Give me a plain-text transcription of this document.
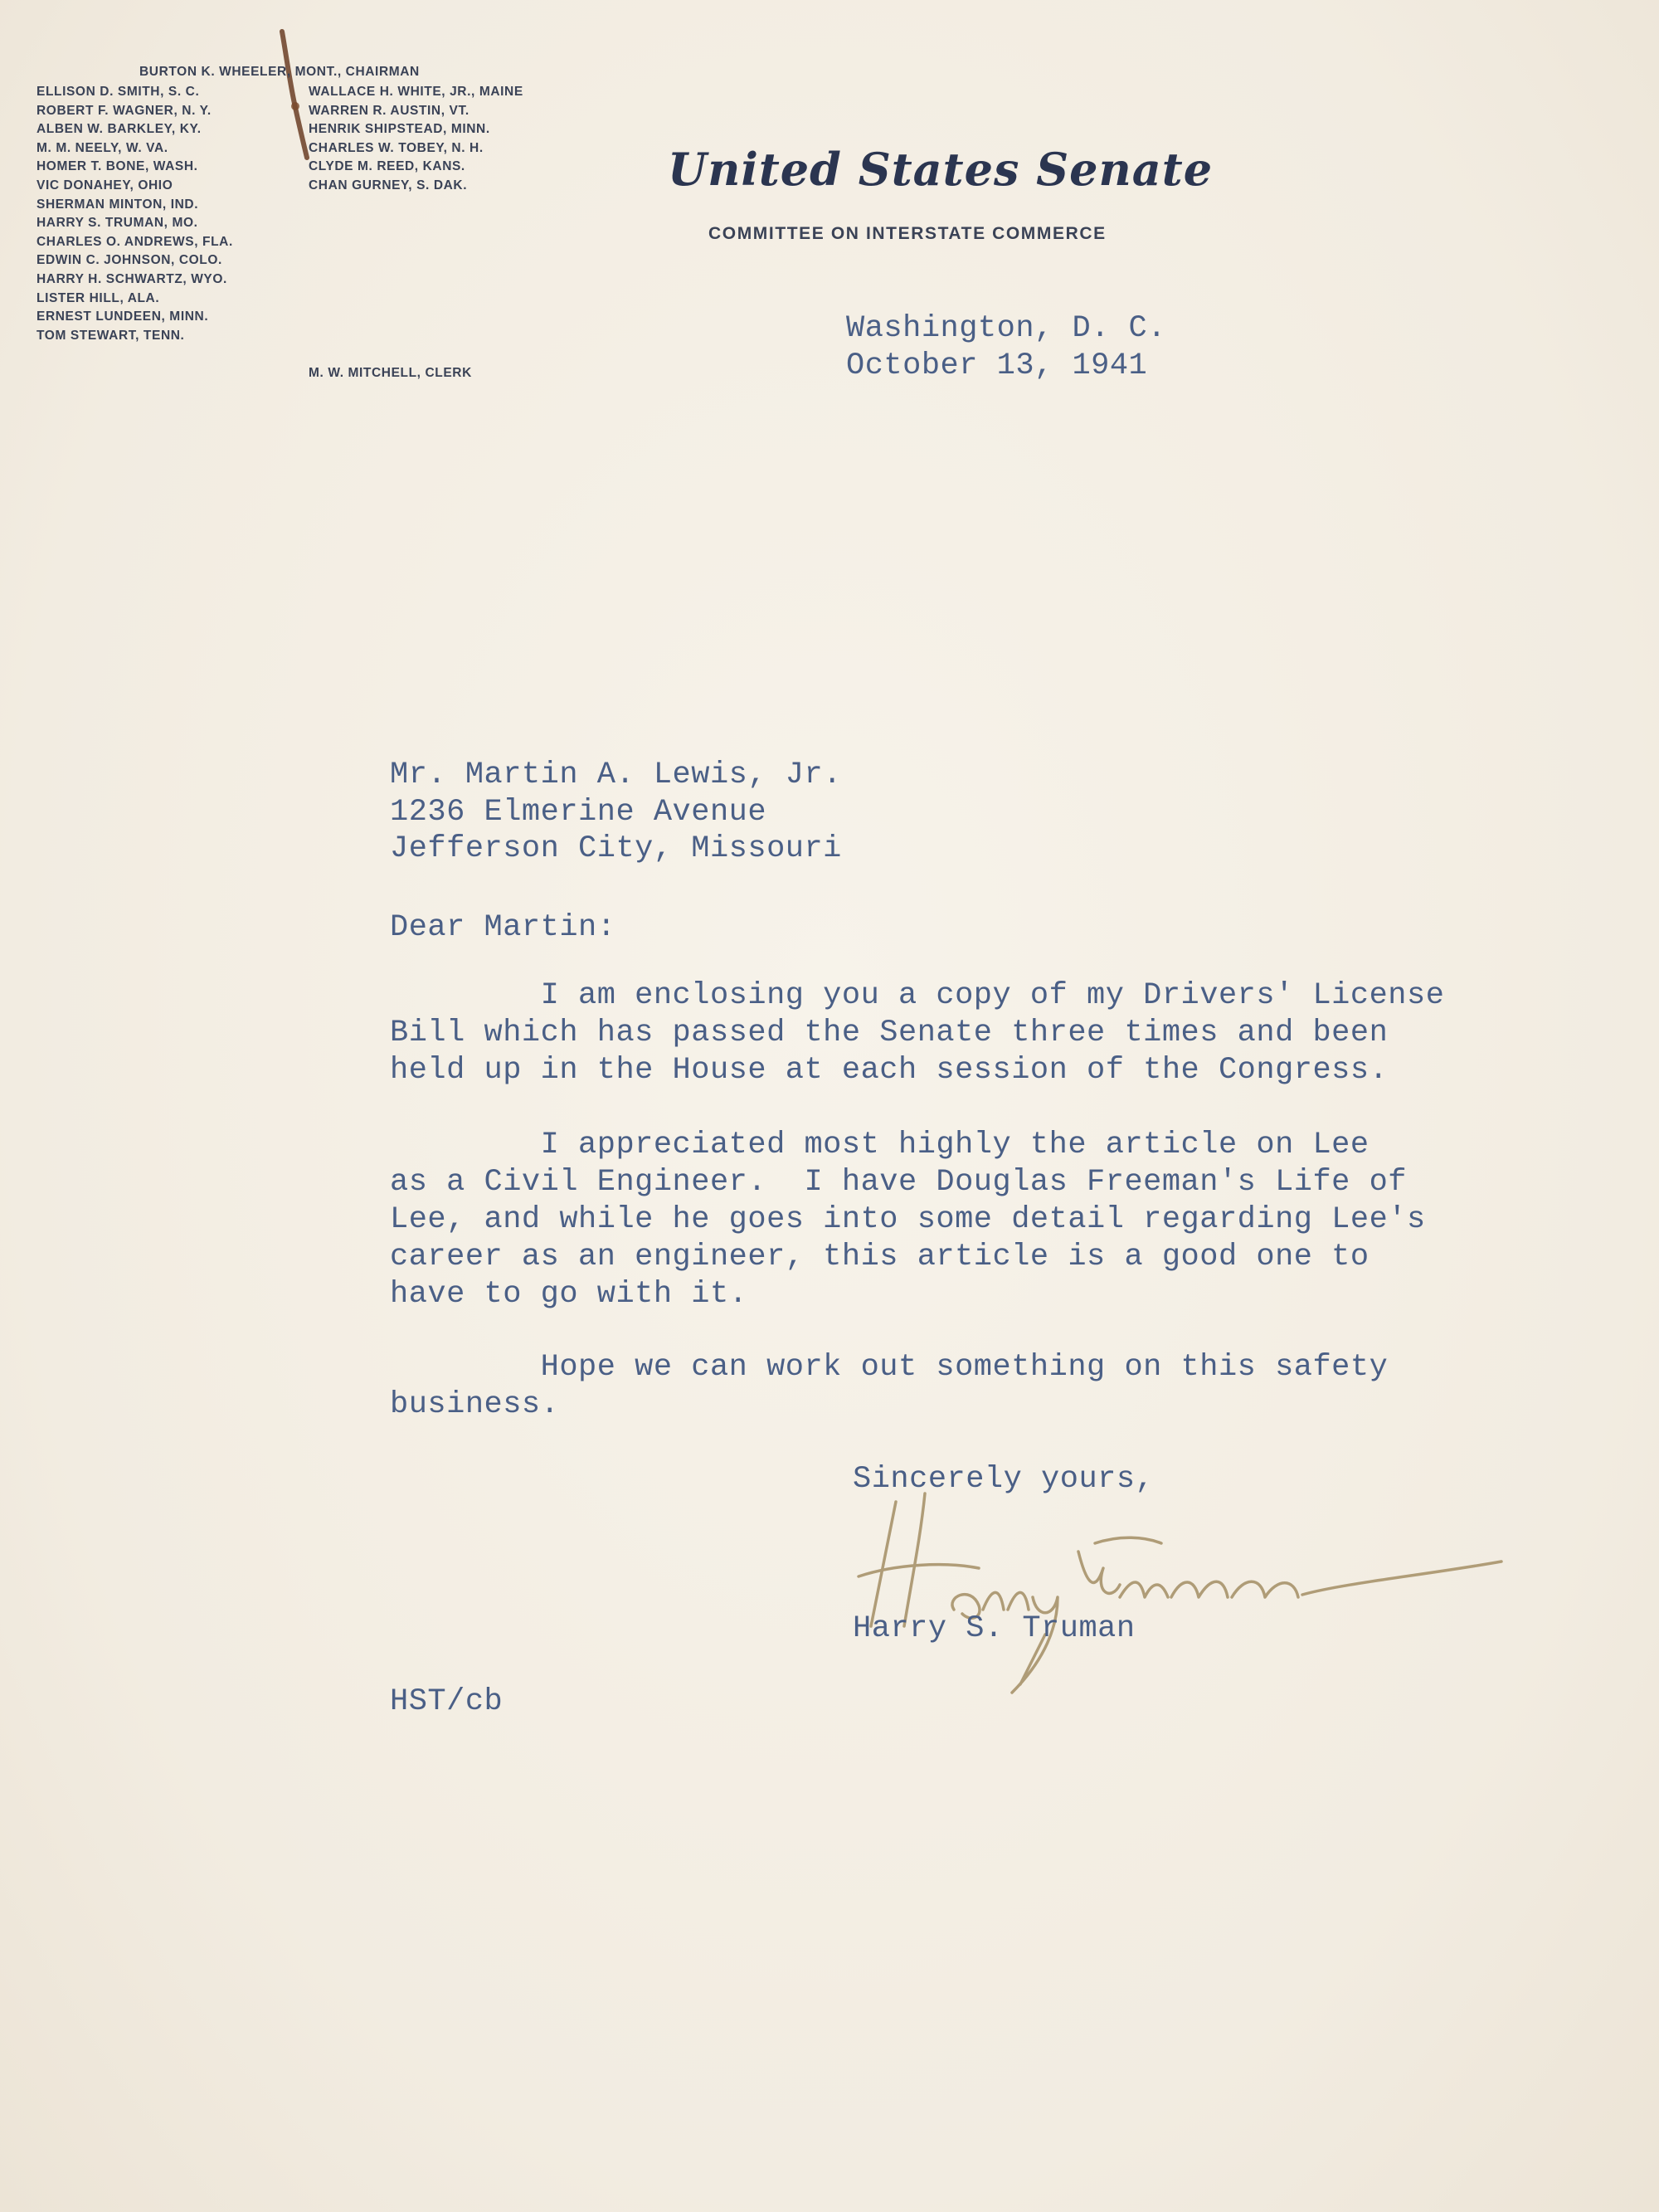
BURTON K. WHEELER, MONT., CHAIRMAN
ELLISON D. SMITH, S. C.
ROBERT F. WAGNER, N. Y.
ALBEN W. BARKLEY, KY.
M. M. NEELY, W. VA.
HOMER T. BONE, WASH.
VIC DONAHEY, OHIO
SHERMAN MINTON, IND.
HARRY S. TRUMAN, MO.
CHARLES O. ANDREWS, FLA.
EDWIN C. JOHNSON, COLO.
HARRY H. SCHWARTZ, WYO.
LISTER HILL, ALA.
ERNEST LUNDEEN, MINN.
TOM STEWART, TENN.
WALLACE H. WHITE, JR., MAINE
WARREN R. AUSTIN, VT.
HENRIK SHIPSTEAD, MINN.
CHARLES W. TOBEY, N. H.
CLYDE M. REED, KANS.
CHAN GURNEY, S. DAK.
M. W. MITCHELL, CLERK
United States Senate
COMMITTEE ON INTERSTATE COMMERCE
Washington, D. C.
October 13, 1941
Mr. Martin A. Lewis, Jr.
1236 Elmerine Avenue
Jefferson City, Missouri
Dear Martin:
I am enclosing you a copy of my Drivers' License
Bill which has passed the Senate three times and been
held up in the House at each session of the Congress.
I appreciated most highly the article on Lee
as a Civil Engineer.  I have Douglas Freeman's Life of
Lee, and while he goes into some detail regarding Lee's
career as an engineer, this article is a good one to
have to go with it.
Hope we can work out something on this safety
business.
Sincerely yours,
Harry S. Truman
HST/cb
